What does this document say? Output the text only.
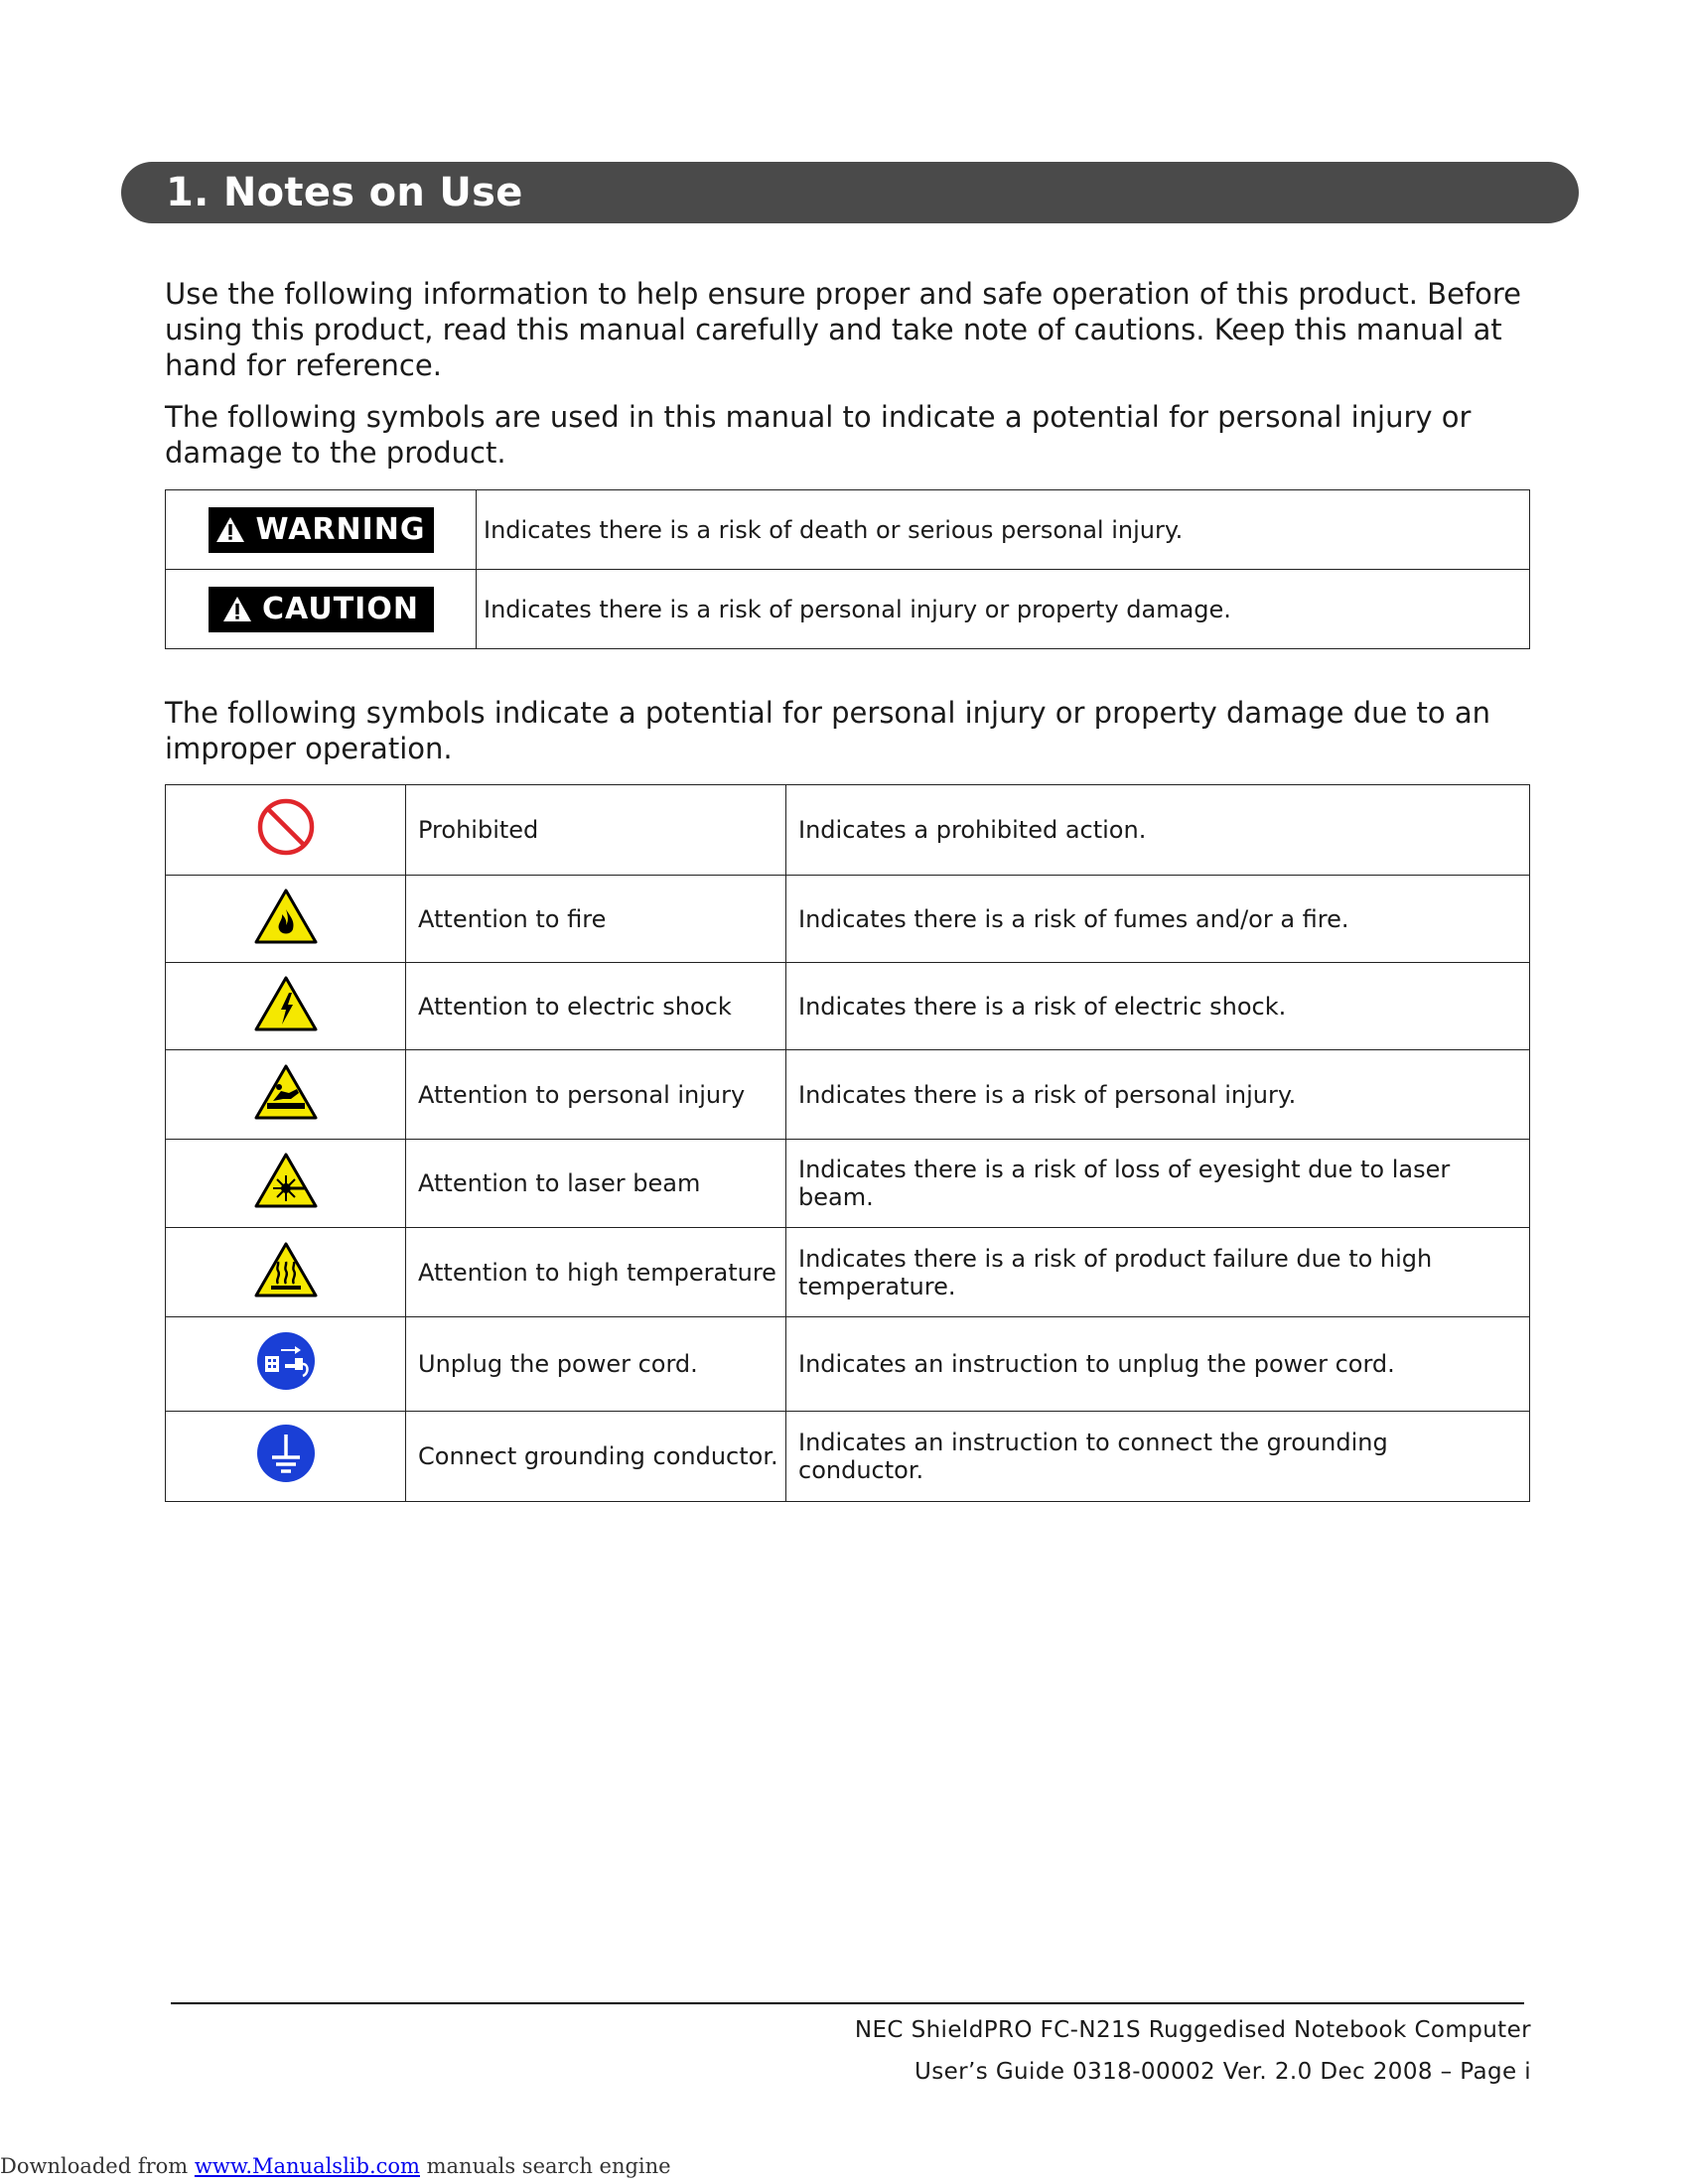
1. Notes on Use

Use the following information to help ensure proper and safe operation of this product. Before using this product, read this manual carefully and take note of cautions. Keep this manual at hand for reference.

The following symbols are used in this manual to indicate a potential for personal injury or damage to the product.

WARNING	Indicates there is a risk of death or serious personal injury.

CAUTION	Indicates there is a risk of personal injury or property damage.

The following symbols indicate a potential for personal injury or property damage due to an improper operation.

	Prohibited	Indicates a prohibited action.
	Attention to fire	Indicates there is a risk of fumes and/or a fire.
	Attention to electric shock	Indicates there is a risk of electric shock.
	Attention to personal injury	Indicates there is a risk of personal injury.
	Attention to laser beam	Indicates there is a risk of loss of eyesight due to laser beam.
	Attention to high temperature	Indicates there is a risk of product failure due to high temperature.
	Unplug the power cord.	Indicates an instruction to unplug the power cord.
	Connect grounding conductor.	Indicates an instruction to connect the grounding conductor.
NEC ShieldPRO FC-N21S Ruggedised Notebook Computer
User’s Guide 0318-00002 Ver. 2.0 Dec 2008 – Page i
Downloaded from www.Manualslib.com manuals search engine
